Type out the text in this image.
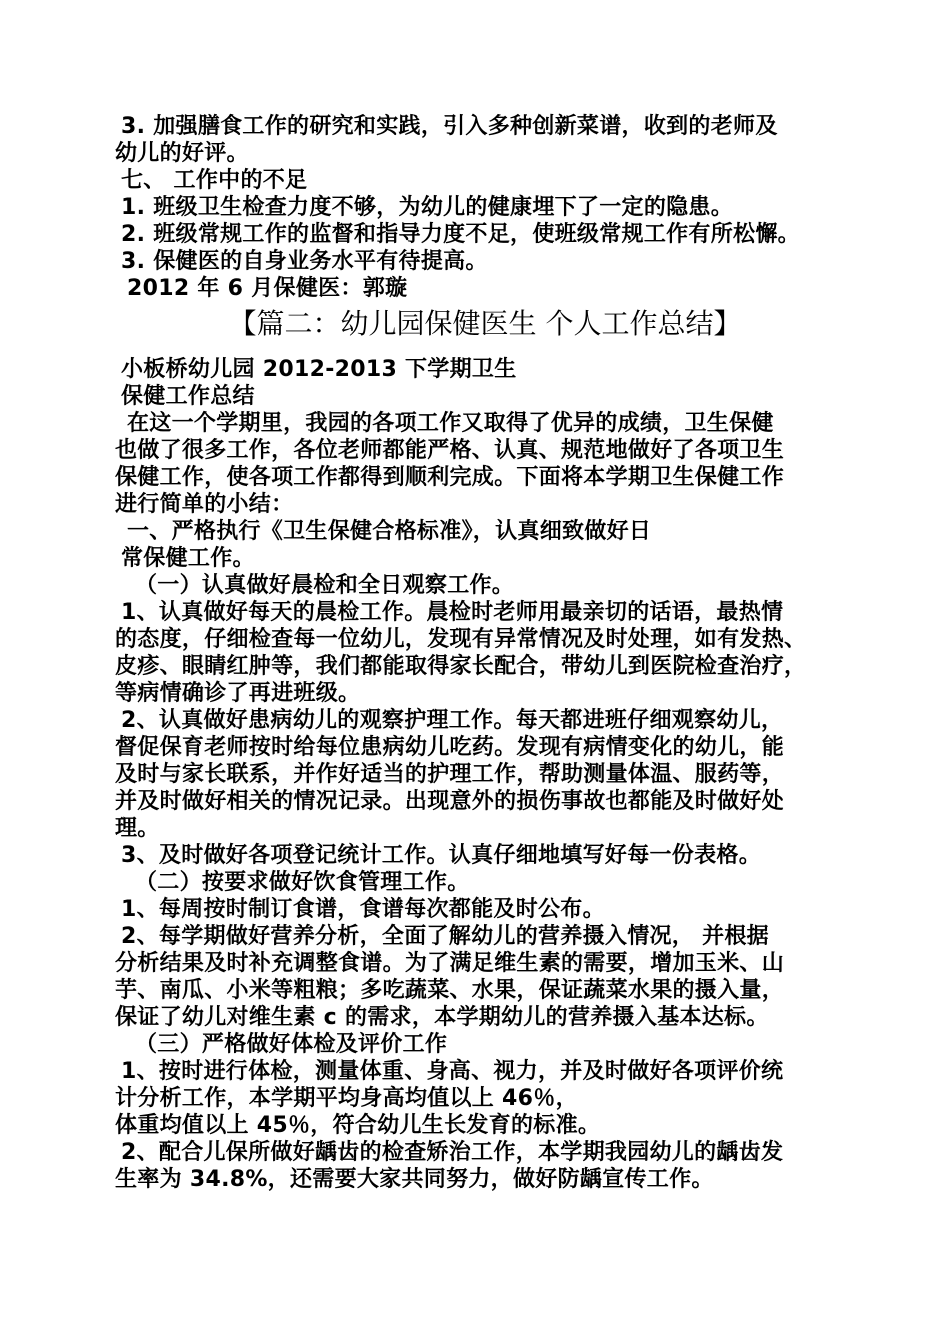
3. 加强膳食工作的研究和实践，引入多种创新菜谱，收到的老师及
幼儿的好评。
七、 工作中的不足
1. 班级卫生检查力度不够，为幼儿的健康埋下了一定的隐患。
2. 班级常规工作的监督和指导力度不足，使班级常规工作有所松懈。
3. 保健医的自身业务水平有待提高。
2012 年 6 月保健医：郭璇
【篇二：幼儿园保健医生 个人工作总结】
小板桥幼儿园 2012-2013 下学期卫生
保健工作总结
在这一个学期里，我园的各项工作又取得了优异的成绩，卫生保健
也做了很多工作，各位老师都能严格、认真、规范地做好了各项卫生
保健工作，使各项工作都得到顺利完成。下面将本学期卫生保健工作
进行简单的小结：
一、严格执行《卫生保健合格标准》，认真细致做好日
常保健工作。
（一）认真做好晨检和全日观察工作。
1、认真做好每天的晨检工作。晨检时老师用最亲切的话语，最热情
的态度，仔细检查每一位幼儿，发现有异常情况及时处理，如有发热、
皮疹、眼睛红肿等，我们都能取得家长配合，带幼儿到医院检查治疗，
等病情确诊了再进班级。
2、认真做好患病幼儿的观察护理工作。每天都进班仔细观察幼儿，
督促保育老师按时给每位患病幼儿吃药。发现有病情变化的幼儿，能
及时与家长联系，并作好适当的护理工作，帮助测量体温、服药等，
并及时做好相关的情况记录。出现意外的损伤事故也都能及时做好处
理。
3、及时做好各项登记统计工作。认真仔细地填写好每一份表格。
（二）按要求做好饮食管理工作。
1、每周按时制订食谱，食谱每次都能及时公布。
2、每学期做好营养分析，全面了解幼儿的营养摄入情况， 并根据
分析结果及时补充调整食谱。为了满足维生素的需要，增加玉米、山
芋、南瓜、小米等粗粮；多吃蔬菜、水果，保证蔬菜水果的摄入量，
保证了幼儿对维生素 c 的需求，本学期幼儿的营养摄入基本达标。
（三）严格做好体检及评价工作
1、按时进行体检，测量体重、身高、视力，并及时做好各项评价统
计分析工作，本学期平均身高均值以上 46％，
体重均值以上 45％，符合幼儿生长发育的标准。
2、配合儿保所做好龋齿的检查矫治工作，本学期我园幼儿的龋齿发
生率为 34.8%，还需要大家共同努力，做好防龋宣传工作。
